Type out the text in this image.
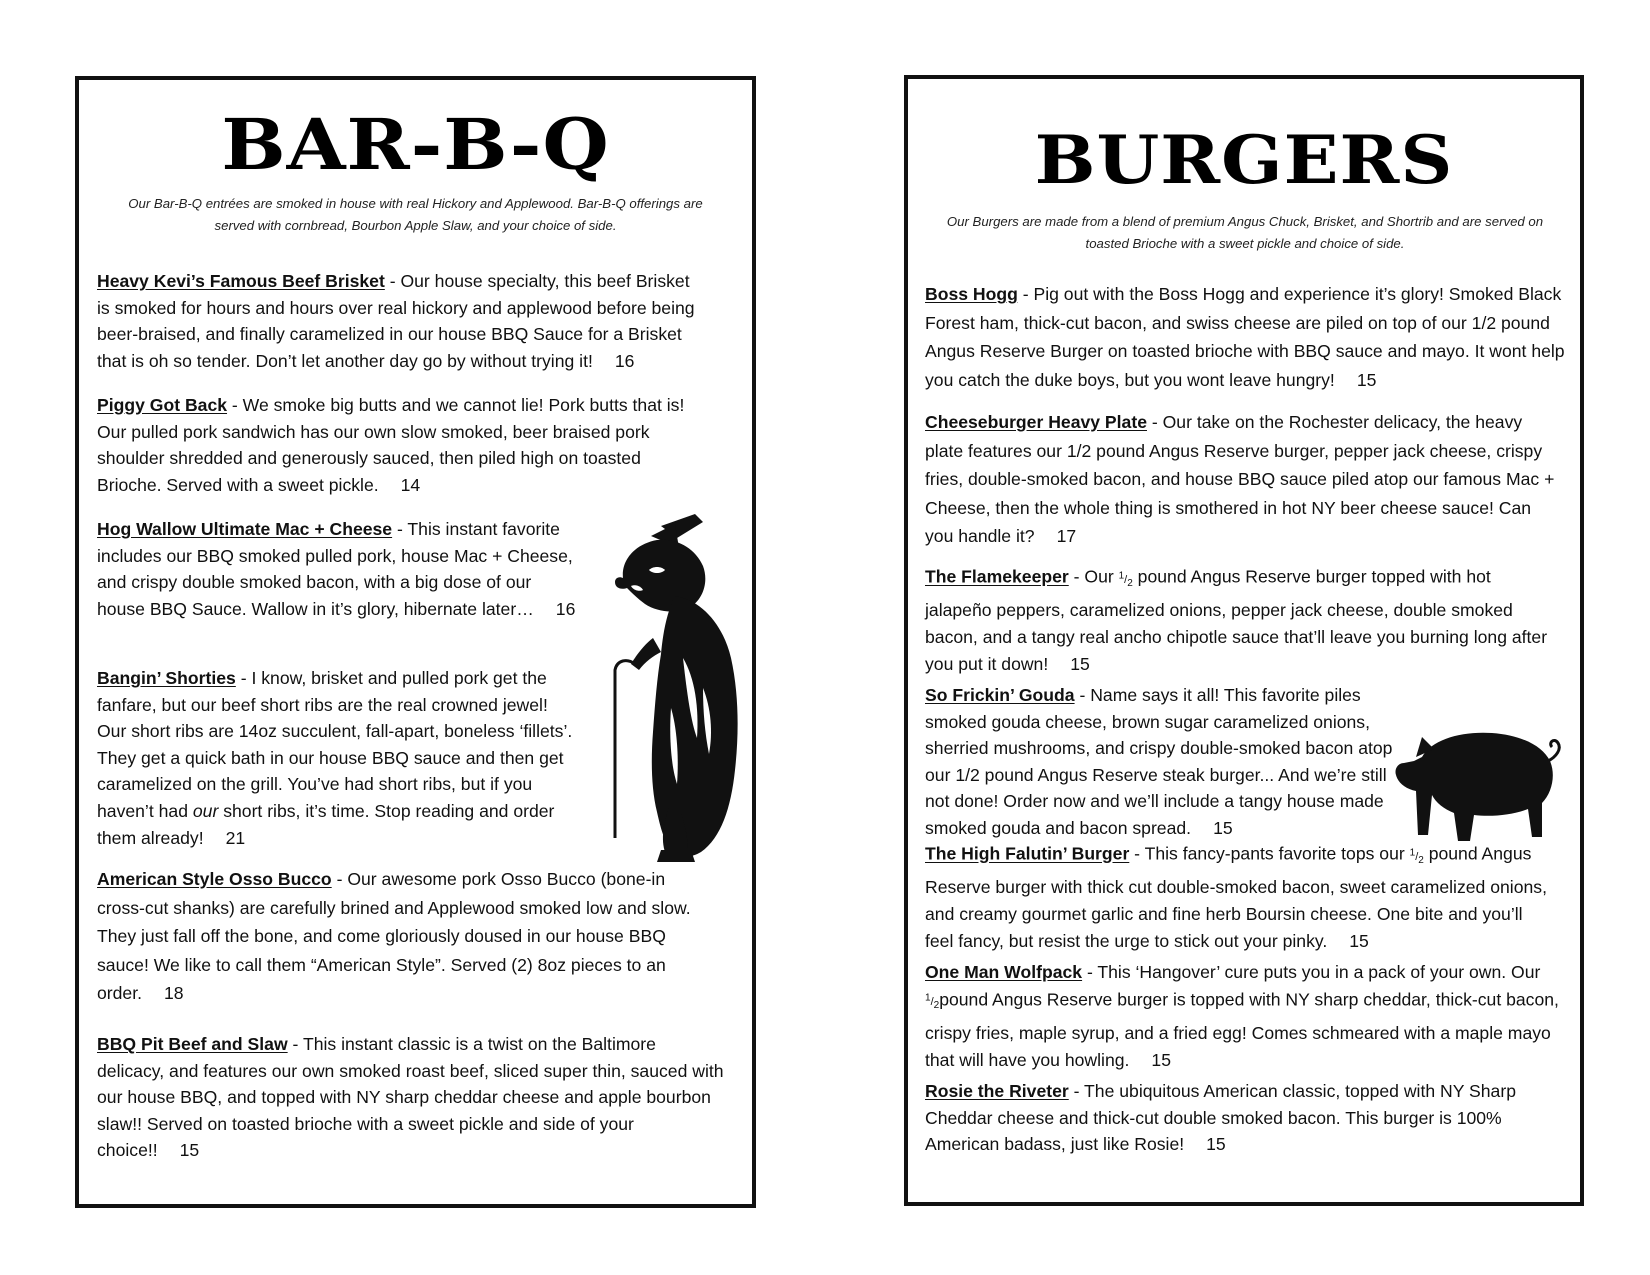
BAR-B-Q

Our Bar-B-Q entrées are smoked in house with real Hickory and Applewood. Bar-B-Q offerings are
served with cornbread, Bourbon Apple Slaw, and your choice of side.

Heavy Kevi’s Famous Beef Brisket - Our house specialty, this beef Brisket is smoked for hours and hours over real hickory and applewood before being beer-braised, and finally caramelized in our house BBQ Sauce for a Brisket that is oh so tender. Don’t let another day go by without trying it! 16

Piggy Got Back - We smoke big butts and we cannot lie! Pork butts that is! Our pulled pork sandwich has our own slow smoked, beer braised pork shoulder shredded and generously sauced, then piled high on toasted Brioche. Served with a sweet pickle. 14

Hog Wallow Ultimate Mac + Cheese - This instant favorite includes our BBQ smoked pulled pork, house Mac + Cheese, and crispy double smoked bacon, with a big dose of our house BBQ Sauce. Wallow in it’s glory, hibernate later… 16

Bangin’ Shorties - I know, brisket and pulled pork get the fanfare, but our beef short ribs are the real crowned jewel! Our short ribs are 14oz succulent, fall-apart, boneless ‘fillets’. They get a quick bath in our house BBQ sauce and then get caramelized on the grill. You’ve had short ribs, but if you haven’t had our short ribs, it’s time. Stop reading and order them already! 21

American Style Osso Bucco - Our awesome pork Osso Bucco (bone-in cross-cut shanks) are carefully brined and Applewood smoked low and slow. They just fall off the bone, and come gloriously doused in our house BBQ sauce! We like to call them “American Style”. Served (2) 8oz pieces to an order. 18

BBQ Pit Beef and Slaw - This instant classic is a twist on the Baltimore delicacy, and features our own smoked roast beef, sliced super thin, sauced with our house BBQ, and topped with NY sharp cheddar cheese and apple bourbon slaw!! Served on toasted brioche with a sweet pickle and side of your choice!! 15

BURGERS

Our Burgers are made from a blend of premium Angus Chuck, Brisket, and Shortrib and are served on
toasted Brioche with a sweet pickle and choice of side.

Boss Hogg - Pig out with the Boss Hogg and experience it’s glory! Smoked Black Forest ham, thick-cut bacon, and swiss cheese are piled on top of our 1/2 pound Angus Reserve Burger on toasted brioche with BBQ sauce and mayo. It wont help you catch the duke boys, but you wont leave hungry! 15

Cheeseburger Heavy Plate - Our take on the Rochester delicacy, the heavy plate features our 1/2 pound Angus Reserve burger, pepper jack cheese, crispy fries, double-smoked bacon, and house BBQ sauce piled atop our famous Mac + Cheese, then the whole thing is smothered in hot NY beer cheese sauce! Can you handle it? 17

The Flamekeeper - Our $^1/_2$ pound Angus Reserve burger topped with hot jalapeño peppers, caramelized onions, pepper jack cheese, double smoked bacon, and a tangy real ancho chipotle sauce that’ll leave you burning long after you put it down! 15

So Frickin’ Gouda - Name says it all! This favorite piles smoked gouda cheese, brown sugar caramelized onions, sherried mushrooms, and crispy double-smoked bacon atop our 1/2 pound Angus Reserve steak burger... And we’re still not done! Order now and we’ll include a tangy house made smoked gouda and bacon spread. 15

The High Falutin’ Burger - This fancy-pants favorite tops our $^1/_2$ pound Angus Reserve burger with thick cut double-smoked bacon, sweet caramelized onions, and creamy gourmet garlic and fine herb Boursin cheese. One bite and you’ll feel fancy, but resist the urge to stick out your pinky. 15

One Man Wolfpack - This ‘Hangover’ cure puts you in a pack of your own. Our $^1/_2pound$ Angus Reserve burger is topped with NY sharp cheddar, thick-cut bacon, crispy fries, maple syrup, and a fried egg! Comes schmeared with a maple mayo that will have you howling. 15

Rosie the Riveter - The ubiquitous American classic, topped with NY Sharp Cheddar cheese and thick-cut double smoked bacon. This burger is 100% American badass, just like Rosie! 15
